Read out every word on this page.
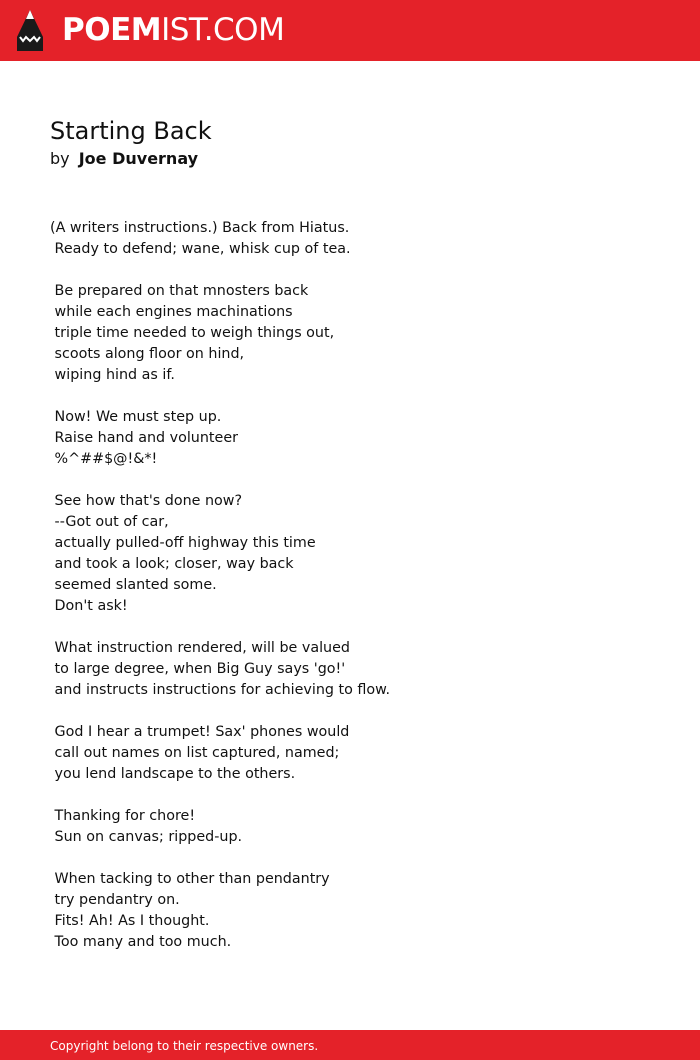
POEMIST.COM
Starting Back
by Joe Duvernay
(A writers instructions.) Back from Hiatus.
Ready to defend; wane, whisk cup of tea.

Be prepared on that mnosters back
while each engines machinations
triple time needed to weigh things out,
scoots along floor on hind,
wiping hind as if.

Now! We must step up.
Raise hand and volunteer
%^##$@!&*!

See how that's done now?
--Got out of car,
actually pulled-off highway this time
and took a look; closer, way back
seemed slanted some.
Don't ask!

What instruction rendered, will be valued
to large degree, when Big Guy says 'go!'
and instructs instructions for achieving to flow.

God I hear a trumpet! Sax' phones would
call out names on list captured, named;
you lend landscape to the others.

Thanking for chore!
Sun on canvas; ripped-up.

When tacking to other than pendantry
try pendantry on.
Fits! Ah! As I thought.
Too many and too much.
Copyright belong to their respective owners.
